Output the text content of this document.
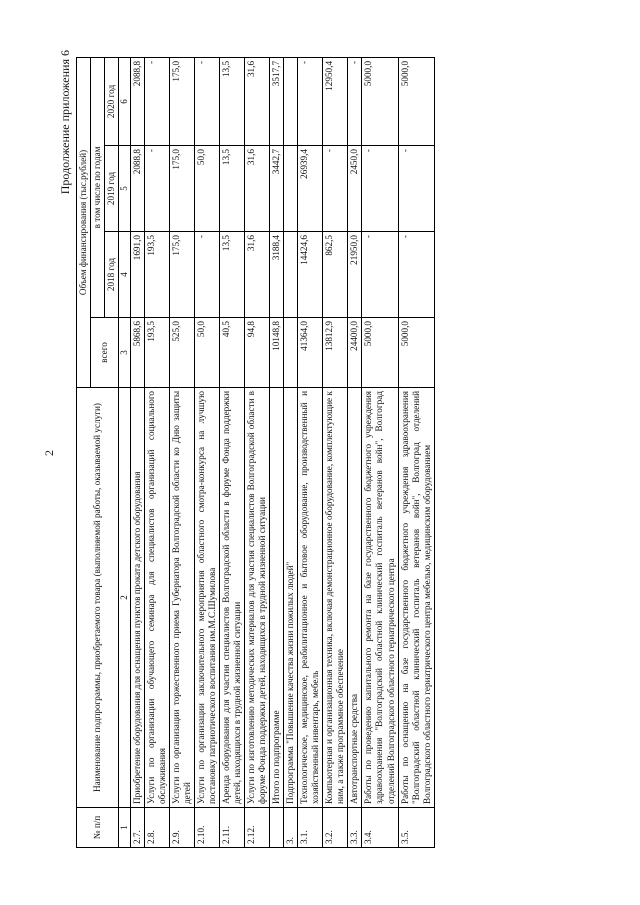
2
Продолжение приложения 6
№ п/п	Наименование подпрограммы, приобретаемого товара (выполняемой работы, оказываемой услуги)	Объем финансирования (тыс.рублей)			
		всего	в том числе по годам		
			2018 год	2019 год	2020 год
1	2	3	4	5	6
2.7.	Приобретение оборудования для оснащения пунктов проката детского оборудования	5868,6	1691,0	2088,8	2088,8
2.8.	Услуги по организации обучающего семинара для специалистов организаций социального обслуживания	193,5	193,5	-	-
2.9.	Услуги по организации торжественного приема Губернатора Волгоградской области ко Дню защиты детей	525,0	175,0	175,0	175,0
2.10.	Услуги по организации заключительного мероприятия областного смотра-конкурса на лучшую постановку патриотического воспитания им.М.С.Шумилова	50,0	-	50,0	-
2.11.	Аренда оборудования для участия специалистов Волгоградской области в форуме Фонда поддержки детей, находящихся в трудной жизненной ситуации	40,5	13,5	13,5	13,5
2.12.	Услуги по изготовлению методических материалов для участия специалистов Волгоградской области в форуме Фонда поддержки детей, находящихся в трудной жизненной ситуации	94,8	31,6	31,6	31,6
	Итого по подпрограмме	10148,8	3188,4	3442,7	3517,7
3.	Подпрограмма "Повышение качества жизни пожилых людей"				
3.1.	Технологическое, медицинское, реабилитационное и бытовое оборудование, производственный и хозяйственный инвентарь, мебель	41364,0	14424,6	26939,4	-
3.2.	Компьютерная и организационная техника, включая демонстрационное оборудование, комплектующие к ним, а также программное обеспечение	13812,9	862,5	-	12950,4
3.3.	Автотранспортные средства	24400,0	21950,0	2450,0	-
3.4.	Работы по проведению капитального ремонта на базе государственного бюджетного учреждения здравоохранения "Волгоградский областной клинический госпиталь ветеранов войн", Волгоград отделений Волгоградского областного гериатрического центра	5000,0	-	-	5000,0
3.5.	Работы по оснащению на базе государственного бюджетного учреждения здравоохранения "Волгоградский областной клинический госпиталь ветеранов войн", Волгоград отделений Волгоградского областного гериатрического центра мебелью, медицинским оборудованием	5000,0	-	-	5000,0
